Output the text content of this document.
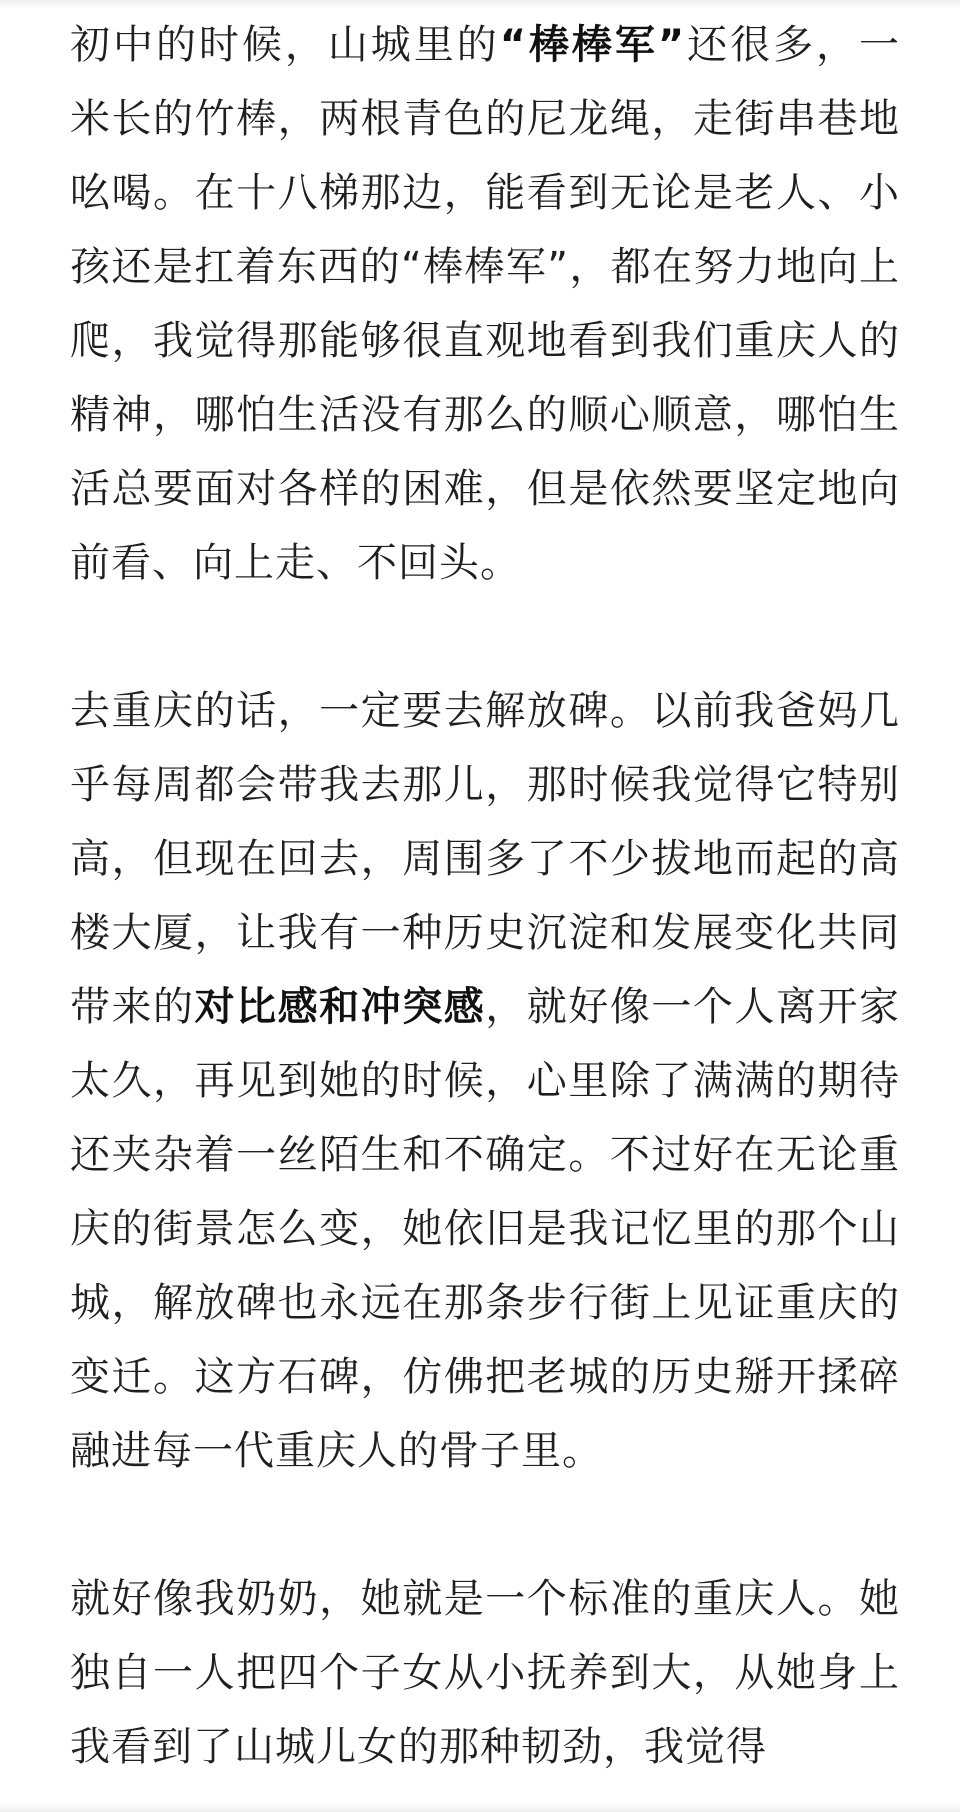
初中的时候，山城里的“棒棒军”还很多，一米长的竹棒，两根青色的尼龙绳，走街串巷地吆喝。在十八梯那边，能看到无论是老人、小孩还是扛着东西的“棒棒军”，都在努力地向上爬，我觉得那能够很直观地看到我们重庆人的精神，哪怕生活没有那么的顺心顺意，哪怕生活总要面对各样的困难，但是依然要坚定地向前看、向上走、不回头。

去重庆的话，一定要去解放碑。以前我爸妈几乎每周都会带我去那儿，那时候我觉得它特别高，但现在回去，周围多了不少拔地而起的高楼大厦，让我有一种历史沉淀和发展变化共同带来的对比感和冲突感，就好像一个人离开家太久，再见到她的时候，心里除了满满的期待还夹杂着一丝陌生和不确定。不过好在无论重庆的街景怎么变，她依旧是我记忆里的那个山城，解放碑也永远在那条步行街上见证重庆的变迁。这方石碑，仿佛把老城的历史掰开揉碎融进每一代重庆人的骨子里。

就好像我奶奶，她就是一个标准的重庆人。她独自一人把四个子女从小抚养到大，从她身上我看到了山城儿女的那种韧劲，我觉得
